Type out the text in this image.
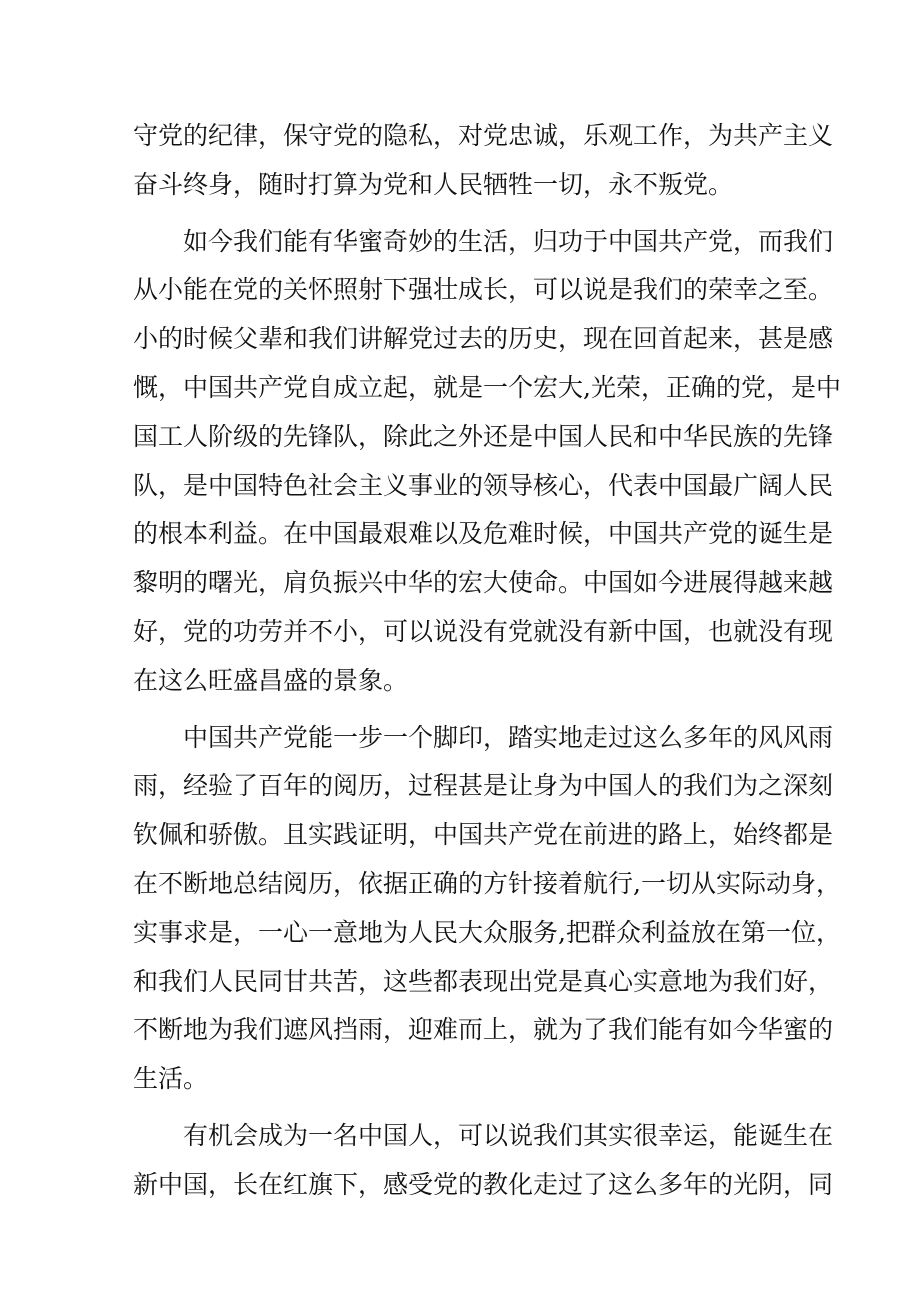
守党的纪律，保守党的隐私，对党忠诚，乐观工作，为共产主义
奋斗终身，随时打算为党和人民牺牲一切，永不叛党。
如今我们能有华蜜奇妙的生活，归功于中国共产党，而我们
从小能在党的关怀照射下强壮成长，可以说是我们的荣幸之至。
小的时候父辈和我们讲解党过去的历史，现在回首起来，甚是感
慨，中国共产党自成立起，就是一个宏大,光荣，正确的党，是中
国工人阶级的先锋队，除此之外还是中国人民和中华民族的先锋
队，是中国特色社会主义事业的领导核心，代表中国最广阔人民
的根本利益。在中国最艰难以及危难时候，中国共产党的诞生是
黎明的曙光，肩负振兴中华的宏大使命。中国如今进展得越来越
好，党的功劳并不小，可以说没有党就没有新中国，也就没有现
在这么旺盛昌盛的景象。
中国共产党能一步一个脚印，踏实地走过这么多年的风风雨
雨，经验了百年的阅历，过程甚是让身为中国人的我们为之深刻
钦佩和骄傲。且实践证明，中国共产党在前进的路上，始终都是
在不断地总结阅历，依据正确的方针接着航行,一切从实际动身，
实事求是，一心一意地为人民大众服务,把群众利益放在第一位，
和我们人民同甘共苦，这些都表现出党是真心实意地为我们好，
不断地为我们遮风挡雨，迎难而上，就为了我们能有如今华蜜的
生活。
有机会成为一名中国人，可以说我们其实很幸运，能诞生在
新中国，长在红旗下，感受党的教化走过了这么多年的光阴，同
